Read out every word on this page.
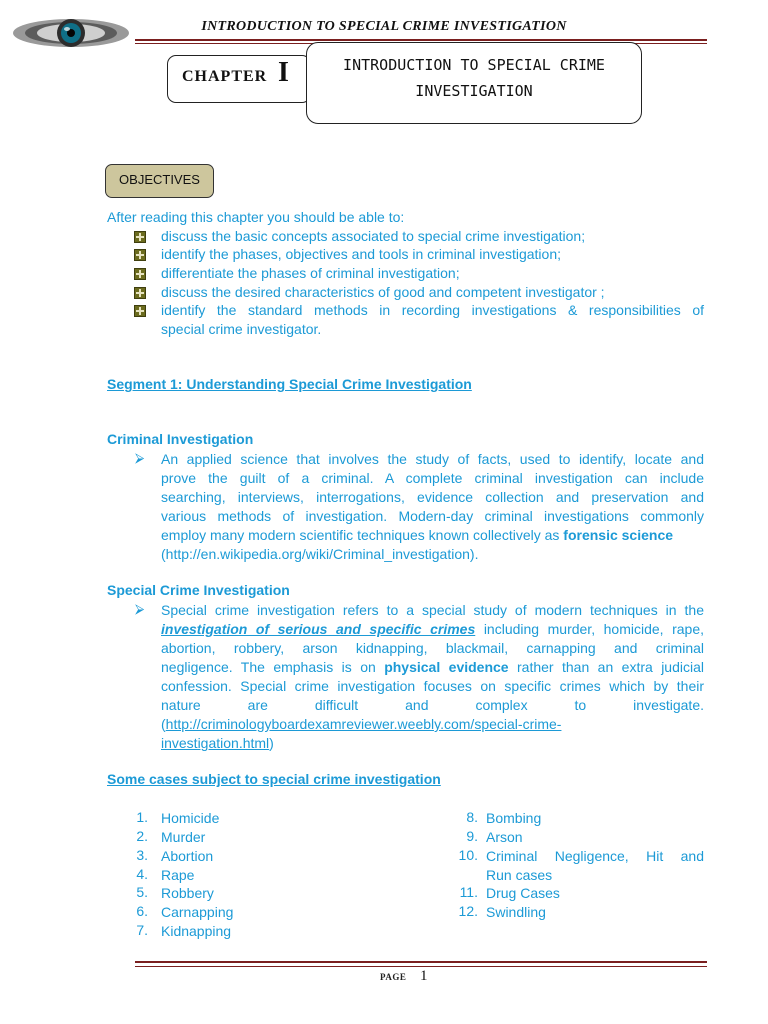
INTRODUCTION TO SPECIAL CRIME INVESTIGATION
CHAPTER I	INTRODUCTION TO SPECIAL CRIME
INVESTIGATION
OBJECTIVES
After reading this chapter you should be able to:
discuss the basic concepts associated to special crime investigation;
identify the phases, objectives and tools in criminal investigation;
differentiate the phases of criminal investigation;
discuss the desired characteristics of good and competent investigator ;
identify the standard methods in recording investigations & responsibilities of
special crime investigator.
Segment 1: Understanding Special Crime Investigation
Criminal Investigation
⮚ An applied science that involves the study of facts, used to identify, locate and
prove the guilt of a criminal. A complete criminal investigation can include
searching, interviews, interrogations, evidence collection and preservation and
various methods of investigation. Modern-day criminal investigations commonly
employ many modern scientific techniques known collectively as forensic science
(http://en.wikipedia.org/wiki/Criminal_investigation).
Special Crime Investigation
⮚ Special crime investigation refers to a special study of modern techniques in the
investigation of serious and specific crimes including murder, homicide, rape,
abortion, robbery, arson kidnapping, blackmail, carnapping and criminal
negligence. The emphasis is on physical evidence rather than an extra judicial
confession. Special crime investigation focuses on specific crimes which by their
nature are difficult and complex to investigate.
(http://criminologyboardexamreviewer.weebly.com/special-crime-
investigation.html)
Some cases subject to special crime investigation
1. Homicide
2. Murder
3. Abortion
4. Rape
5. Robbery
6. Carnapping
7. Kidnapping
8. Bombing
9. Arson
10. Criminal Negligence, Hit and
Run cases
11. Drug Cases
12. Swindling
PAGE 1
